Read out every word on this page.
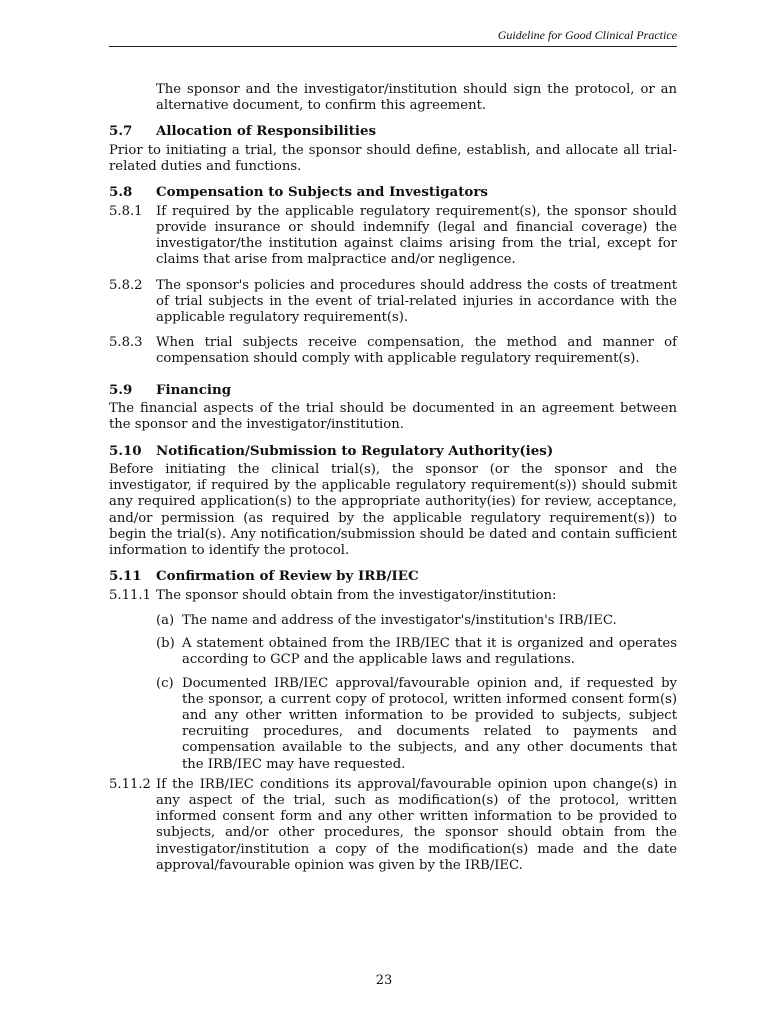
Guideline for Good Clinical Practice

The sponsor and the investigator/institution should sign the protocol, or an alternative document, to confirm this agreement.

5.7	Allocation of Responsibilities

Prior to initiating a trial, the sponsor should define, establish, and allocate all trial-related duties and functions.

5.8	Compensation to Subjects and Investigators
5.8.1	If required by the applicable regulatory requirement(s), the sponsor should provide insurance or should indemnify (legal and financial coverage) the investigator/the institution against claims arising from the trial, except for claims that arise from malpractice and/or negligence.
5.8.2	The sponsor's policies and procedures should address the costs of treatment of trial subjects in the event of trial-related injuries in accordance with the applicable regulatory requirement(s).
5.8.3	When trial subjects receive compensation, the method and manner of compensation should comply with applicable regulatory requirement(s).
5.9	Financing

The financial aspects of the trial should be documented in an agreement between the sponsor and the investigator/institution.

5.10	Notification/Submission to Regulatory Authority(ies)

Before initiating the clinical trial(s), the sponsor (or the sponsor and the investigator, if required by the applicable regulatory requirement(s)) should submit any required application(s) to the appropriate authority(ies) for review, acceptance, and/or permission (as required by the applicable regulatory requirement(s)) to begin the trial(s). Any notification/submission should be dated and contain sufficient information to identify the protocol.

5.11	Confirmation of Review by IRB/IEC
5.11.1 The sponsor should obtain from the investigator/institution:
(a) The name and address of the investigator's/institution's IRB/IEC.
(b) A statement obtained from the IRB/IEC that it is organized and operates according to GCP and the applicable laws and regulations.
(c) Documented IRB/IEC approval/favourable opinion and, if requested by the sponsor, a current copy of protocol, written informed consent form(s) and any other written information to be provided to subjects, subject recruiting procedures, and documents related to payments and compensation available to the subjects, and any other documents that the IRB/IEC may have requested.
5.11.2 If the IRB/IEC conditions its approval/favourable opinion upon change(s) in any aspect of the trial, such as modification(s) of the protocol, written informed consent form and any other written information to be provided to subjects, and/or other procedures, the sponsor should obtain from the investigator/institution a copy of the modification(s) made and the date approval/favourable opinion was given by the IRB/IEC.
23
